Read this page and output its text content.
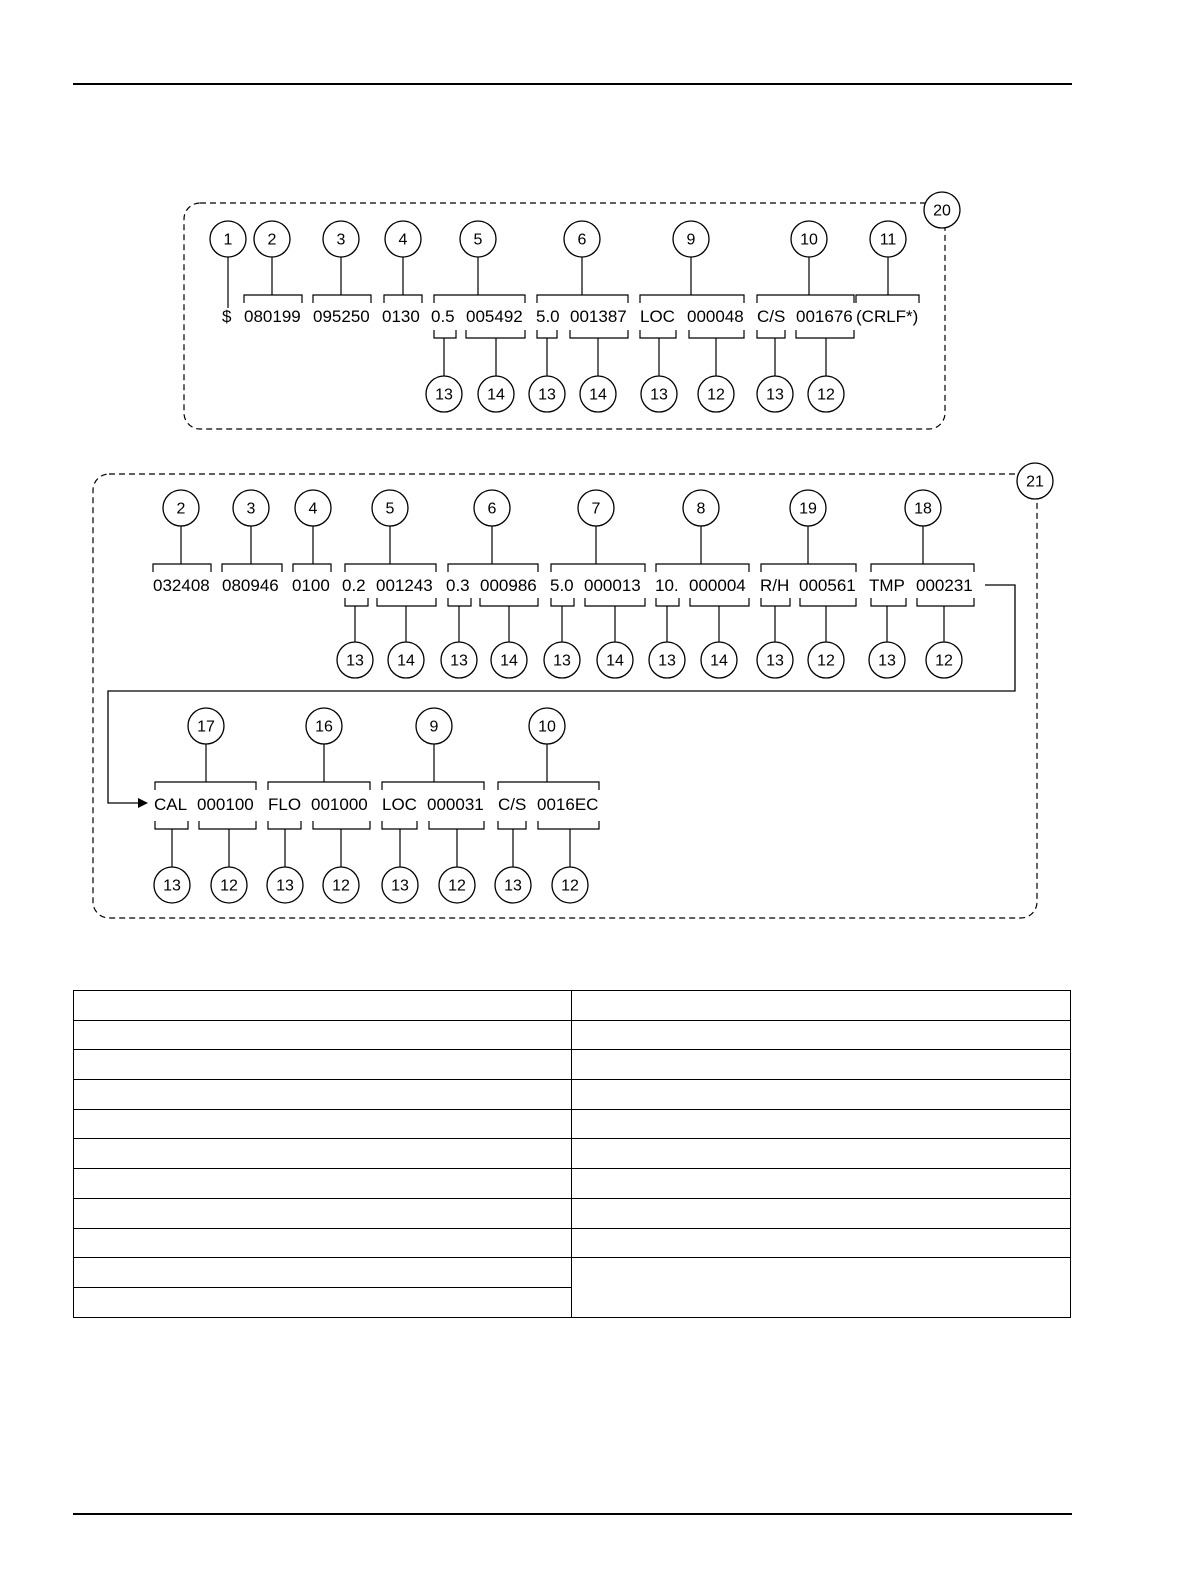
$ 080199 095250 0130 0.5 005492 5.0 001387 LOC 000048 C/S 001676 (CRLF*)
032408 080946 0100 0.2 001243 0.3 000986 5.0 000013 10. 000004 R/H 000561 TMP 000231
CAL 000100 FLO 001000 LOC 000031 C/S 0016EC
20
21
1 2	3	4	5	6	9	10	11
13 14 13 14	13 12	13 12
2	3	4	5	6	7	8	19	18
13 14 13 14 13 14 13 14 13 12	13 12
17	16	9	10
13 12 13 12	13 12 13 12
